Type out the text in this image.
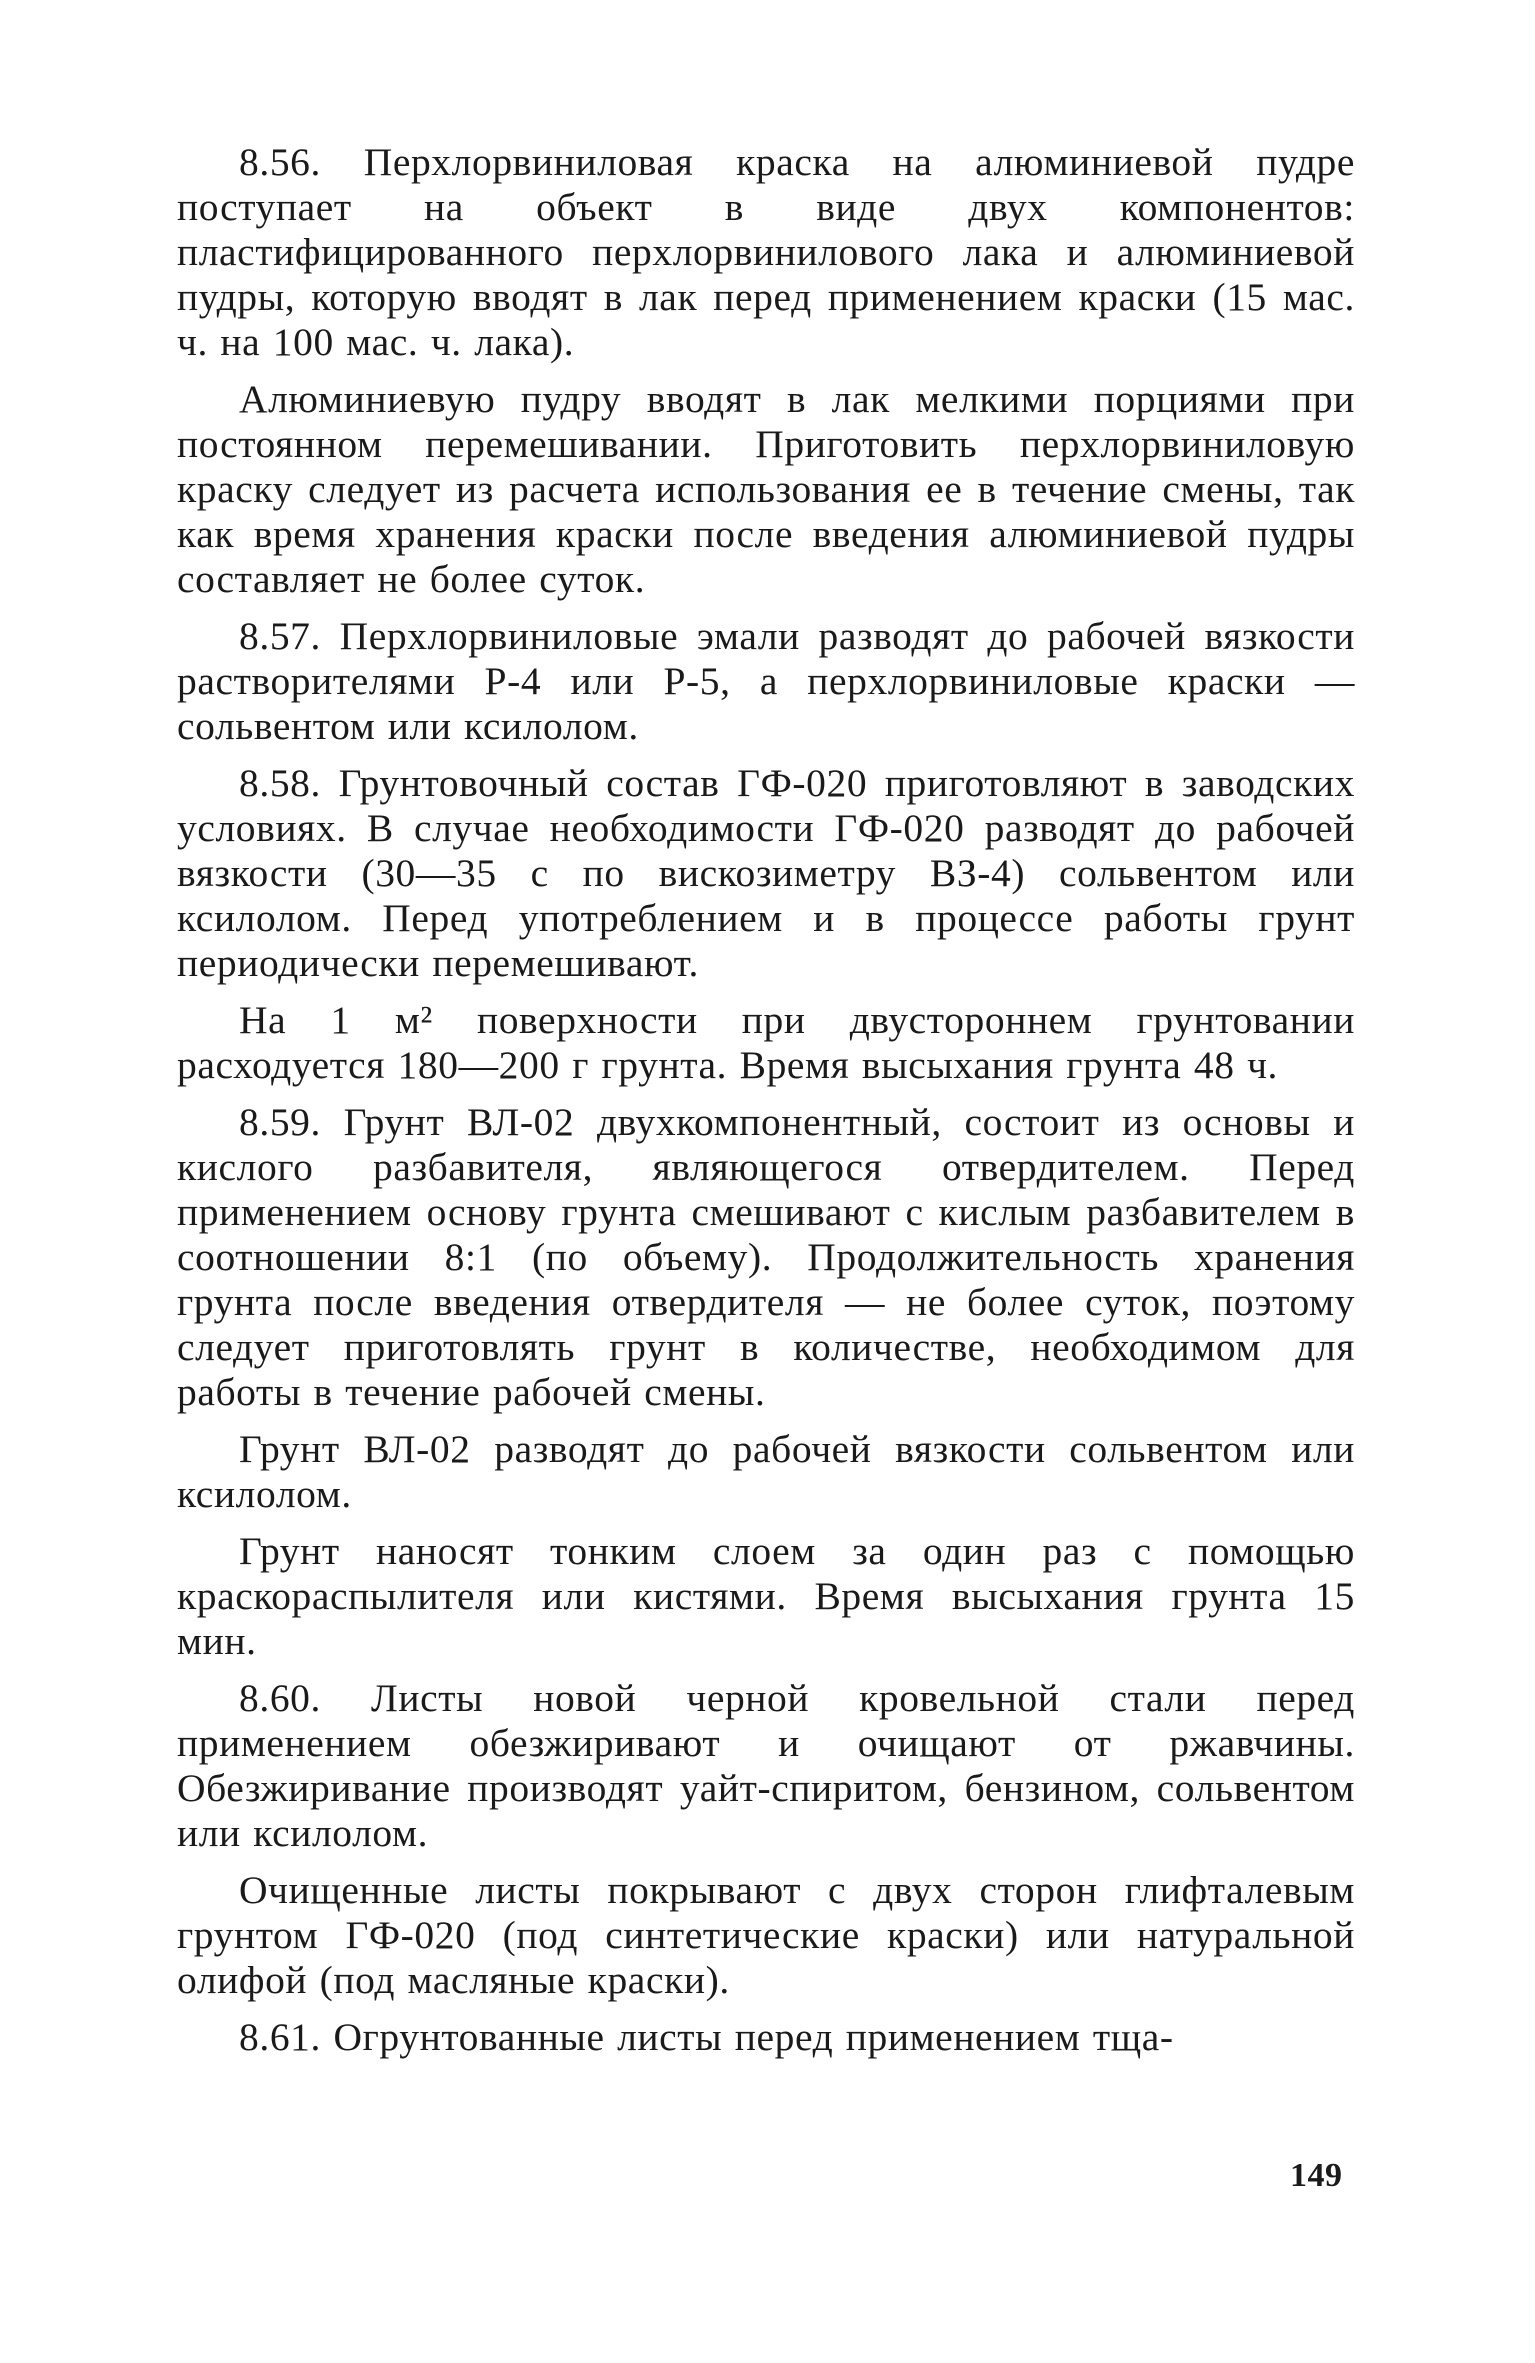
8.56. Перхлорвиниловая краска на алюминиевой пудре поступает на объект в виде двух компонентов: пластифицированного перхлорвинилового лака и алюминиевой пудры, которую вводят в лак перед применением краски (15 мас. ч. на 100 мас. ч. лака).

Алюминиевую пудру вводят в лак мелкими порциями при постоянном перемешивании. Приготовить перхлорвиниловую краску следует из расчета использования ее в течение смены, так как время хранения краски после введения алюминиевой пудры составляет не более суток.

8.57. Перхлорвиниловые эмали разводят до рабочей вязкости растворителями Р-4 или Р-5, а перхлорвиниловые краски — сольвентом или ксилолом.

8.58. Грунтовочный состав ГФ-020 приготовляют в заводских условиях. В случае необходимости ГФ-020 разводят до рабочей вязкости (30—35 с по вискозиметру ВЗ-4) сольвентом или ксилолом. Перед употреблением и в процессе работы грунт периодически перемешивают.

На 1 м² поверхности при двустороннем грунтовании расходуется 180—200 г грунта. Время высыхания грунта 48 ч.

8.59. Грунт ВЛ-02 двухкомпонентный, состоит из основы и кислого разбавителя, являющегося отвердителем. Перед применением основу грунта смешивают с кислым разбавителем в соотношении 8:1 (по объему). Продолжительность хранения грунта после введения отвердителя — не более суток, поэтому следует приготовлять грунт в количестве, необходимом для работы в течение рабочей смены.

Грунт ВЛ-02 разводят до рабочей вязкости сольвентом или ксилолом.

Грунт наносят тонким слоем за один раз с помощью краскораспылителя или кистями. Время высыхания грунта 15 мин.

8.60. Листы новой черной кровельной стали перед применением обезжиривают и очищают от ржавчины. Обезжиривание производят уайт-спиритом, бензином, сольвентом или ксилолом.

Очищенные листы покрывают с двух сторон глифталевым грунтом ГФ-020 (под синтетические краски) или натуральной олифой (под масляные краски).

8.61. Огрунтованные листы перед применением тща-

149
